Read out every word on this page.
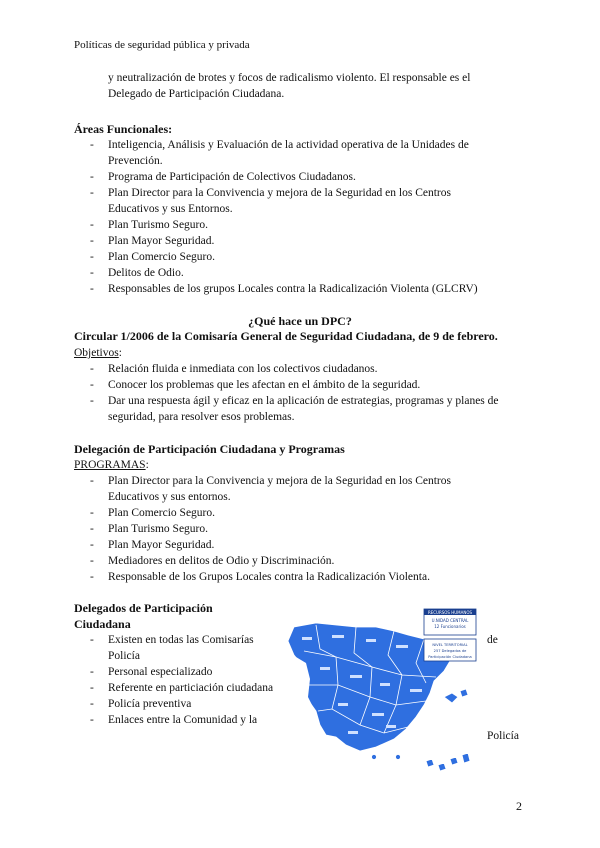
Políticas de seguridad pública y privada
y neutralización de brotes y focos de radicalismo violento. El responsable es el
Delegado de Participación Ciudadana.
Áreas Funcionales:
- Inteligencia, Análisis y Evaluación de la actividad operativa de la Unidades de Prevención.
- Programa de Participación de Colectivos Ciudadanos.
- Plan Director para la Convivencia y mejora de la Seguridad en los Centros Educativos y sus Entornos.
- Plan Turismo Seguro.
- Plan Mayor Seguridad.
- Plan Comercio Seguro.
- Delitos de Odio.
- Responsables de los grupos Locales contra la Radicalización Violenta (GLCRV)
¿Qué hace un DPC?
Circular 1/2006 de la Comisaría General de Seguridad Ciudadana, de 9 de febrero.
Objetivos:
- Relación fluida e inmediata con los colectivos ciudadanos.
- Conocer los problemas que les afectan en el ámbito de la seguridad.
- Dar una respuesta ágil y eficaz en la aplicación de estrategias, programas y planes de seguridad, para resolver esos problemas.
Delegación de Participación Ciudadana y Programas
PROGRAMAS:
- Plan Director para la Convivencia y mejora de la Seguridad en los Centros Educativos y sus entornos.
- Plan Comercio Seguro.
- Plan Turismo Seguro.
- Plan Mayor Seguridad.
- Mediadores en delitos de Odio y Discriminación.
- Responsable de los Grupos Locales contra la Radicalización Violenta.
Delegados de Participación
Ciudadana
- Existen en todas las Comisarías
Policía
- Personal especializado
- Referente en particiación ciudadana
- Policía preventiva
- Enlaces entre la Comunidad y la
de
Policía
RECURSOS HUMANOS
U.NIDAD CENTRAL
12 Funcionarios
NIVEL TERRITORIAL
257 Delegados de
Participación Ciudadana
2
